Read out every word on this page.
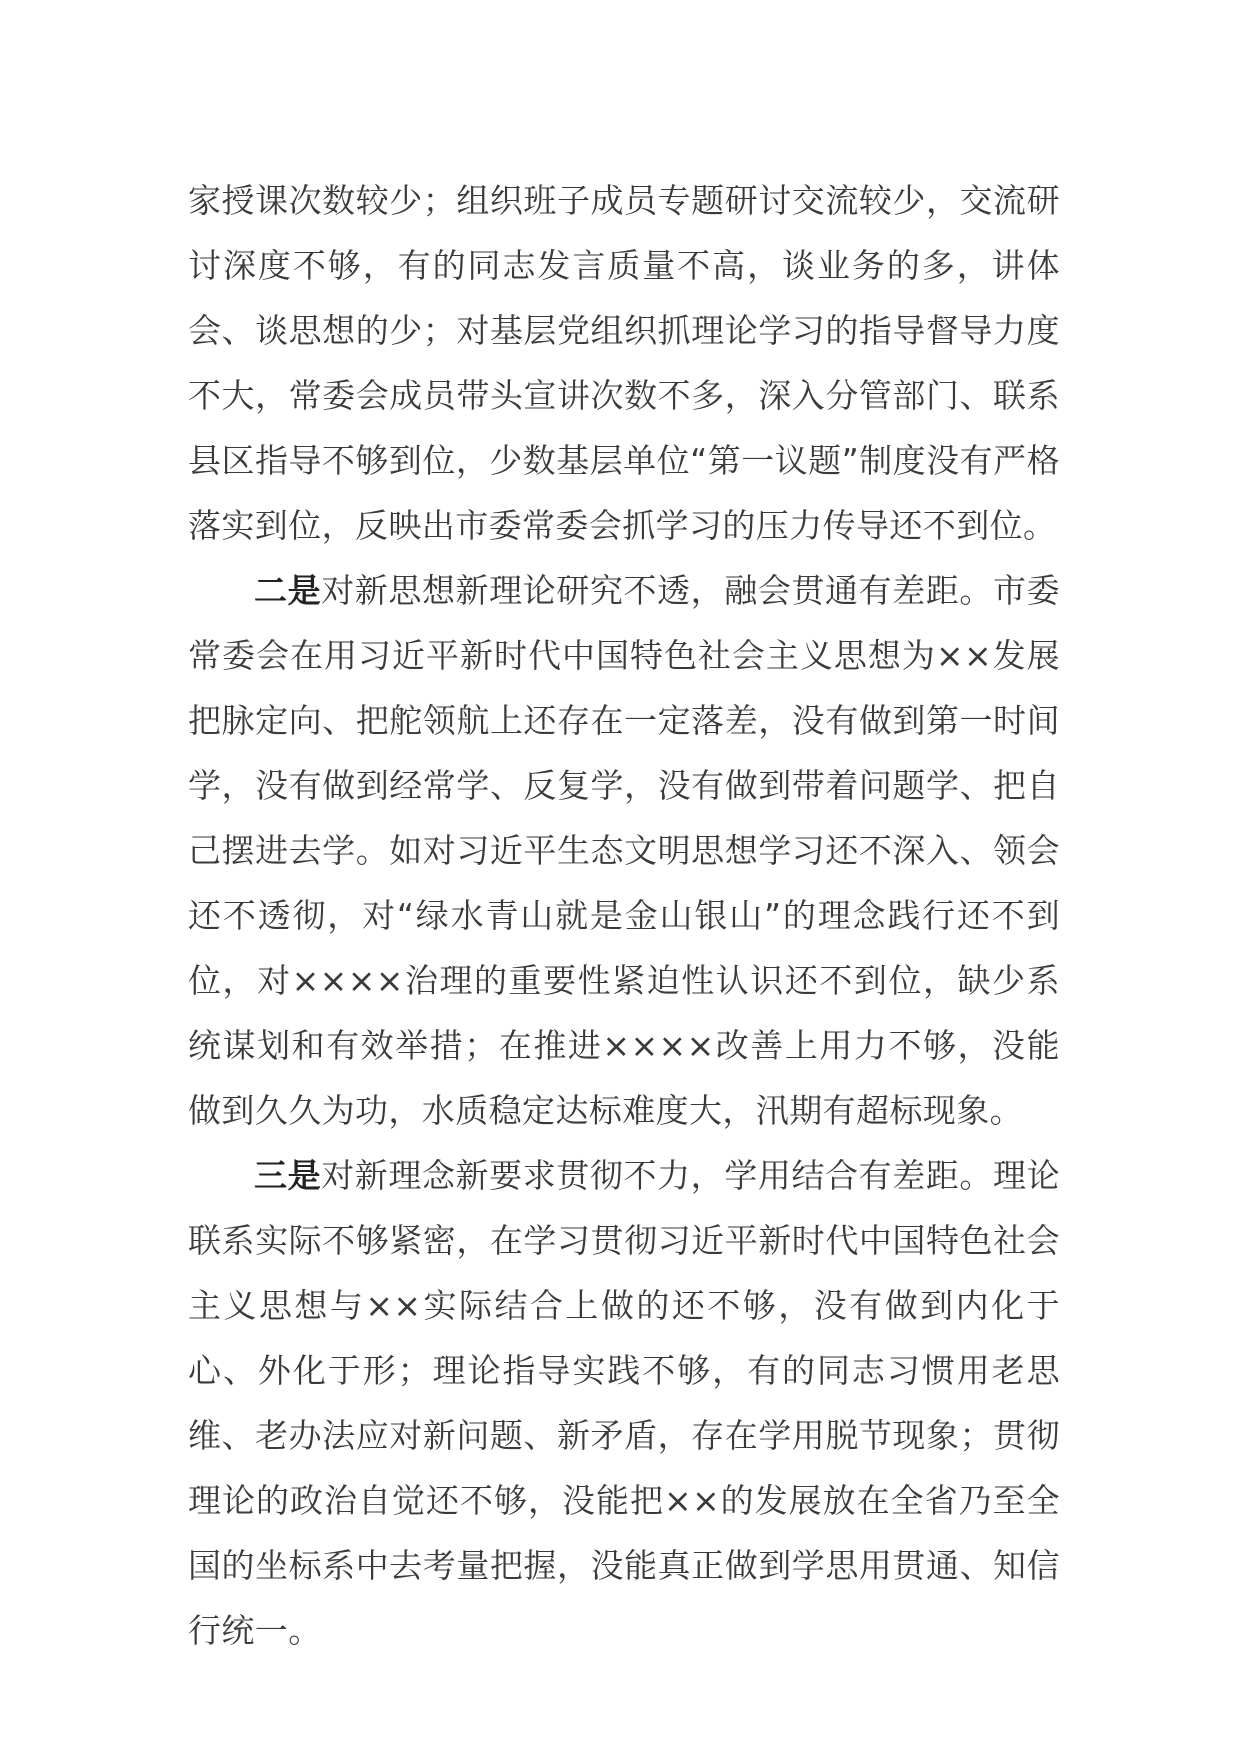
家授课次数较少；组织班子成员专题研讨交流较少，交流研讨深度不够，有的同志发言质量不高，谈业务的多，讲体会、谈思想的少；对基层党组织抓理论学习的指导督导力度不大，常委会成员带头宣讲次数不多，深入分管部门、联系县区指导不够到位，少数基层单位“第一议题”制度没有严格落实到位，反映出市委常委会抓学习的压力传导还不到位。

二是对新思想新理论研究不透，融会贯通有差距。市委常委会在用习近平新时代中国特色社会主义思想为××发展把脉定向、把舵领航上还存在一定落差，没有做到第一时间学，没有做到经常学、反复学，没有做到带着问题学、把自己摆进去学。如对习近平生态文明思想学习还不深入、领会还不透彻，对“绿水青山就是金山银山”的理念践行还不到位，对××××治理的重要性紧迫性认识还不到位，缺少系统谋划和有效举措；在推进××××改善上用力不够，没能做到久久为功，水质稳定达标难度大，汛期有超标现象。

三是对新理念新要求贯彻不力，学用结合有差距。理论联系实际不够紧密，在学习贯彻习近平新时代中国特色社会主义思想与××实际结合上做的还不够，没有做到内化于心、外化于形；理论指导实践不够，有的同志习惯用老思维、老办法应对新问题、新矛盾，存在学用脱节现象；贯彻理论的政治自觉还不够，没能把××的发展放在全省乃至全国的坐标系中去考量把握，没能真正做到学思用贯通、知信行统一。
